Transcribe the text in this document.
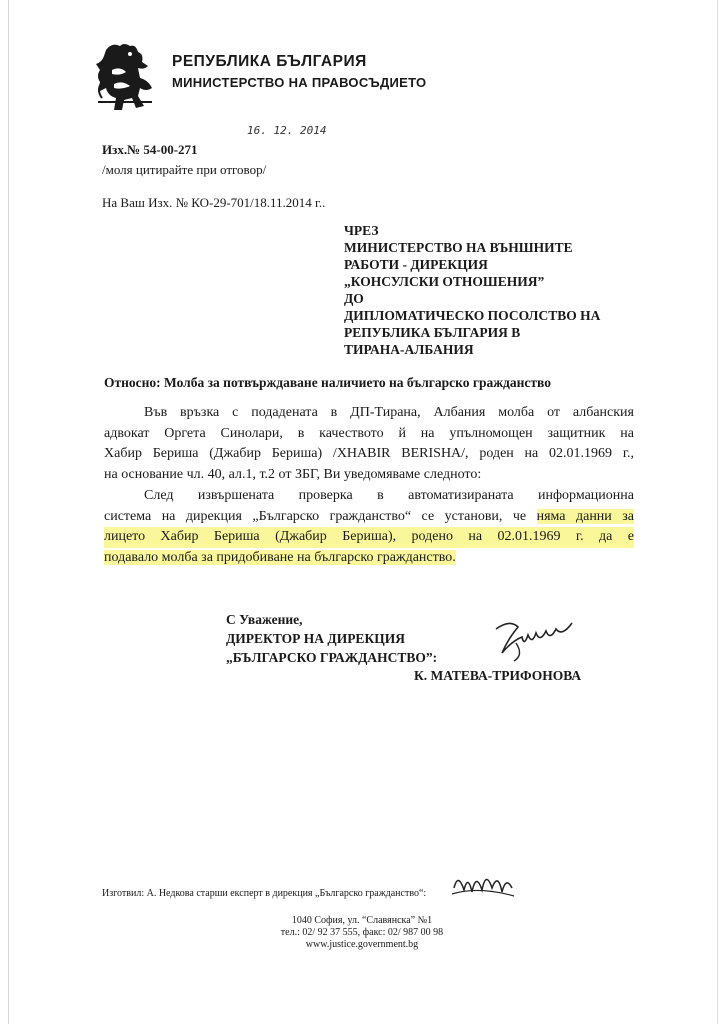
РЕПУБЛИКА БЪЛГАРИЯ
МИНИСТЕРСТВО НА ПРАВОСЪДИЕТО
16. 12. 2014
Изх.№ 54-00-271
/моля цитирайте при отговор/
На Ваш Изх. № КО-29-701/18.11.2014 г..
ЧРЕЗ
МИНИСТЕРСТВО НА ВЪНШНИТЕ
РАБОТИ - ДИРЕКЦИЯ
„КОНСУЛСКИ ОТНОШЕНИЯ”
ДО
ДИПЛОМАТИЧЕСКО ПОСОЛСТВО НА
РЕПУБЛИКА БЪЛГАРИЯ В
ТИРАНА-АЛБАНИЯ
Относно: Молба за потвърждаване наличието на българско гражданство
Във връзка с подадената в ДП-Тирана, Албания молба от албанския
адвокат Оргета Синолари, в качеството й на упълномощен защитник на
Хабир Бериша (Джабир Бериша) /XHABIR BERISHA/, роден на 02.01.1969 г.,
на основание чл. 40, ал.1, т.2 от ЗБГ, Ви уведомяваме следното:
След извършената проверка в автоматизираната информационна
система на дирекция „Българско гражданство“ се установи, че няма данни за
лицето Хабир Бериша (Джабир Бериша), родено на 02.01.1969 г. да е
подавало молба за придобиване на българско гражданство.
С Уважение,
ДИРЕКТОР НА ДИРЕКЦИЯ
„БЪЛГАРСКО ГРАЖДАНСТВО”:
К. МАТЕВА-ТРИФОНОВА
Изготвил: А. Недкова старши експерт в дирекция „Българско гражданство“:
1040 София, ул. “Славянска” №1
тел.: 02/ 92 37 555, факс: 02/ 987 00 98
www.justice.government.bg
